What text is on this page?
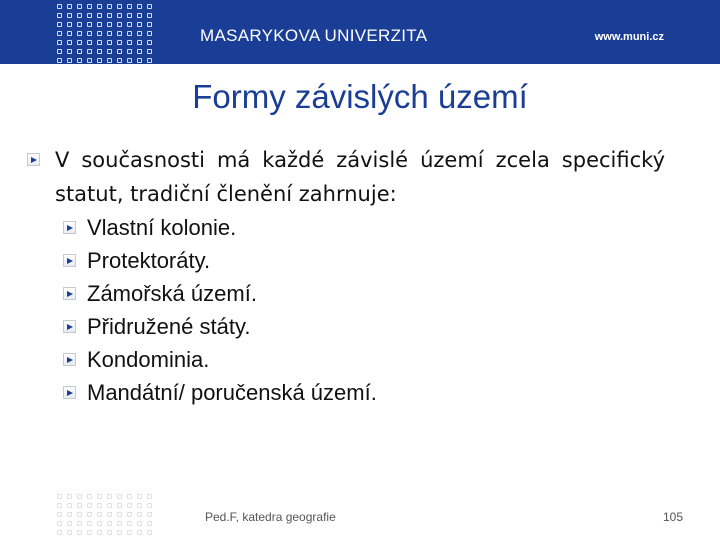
MASARYKOVA UNIVERZITA	www.muni.cz
Formy závislých území
V současnosti má každé závislé území zcela specifický statut, tradiční členění zahrnuje:
Vlastní kolonie.
Protektoráty.
Zámořská území.
Přidružené státy.
Kondominia.
Mandátní/ poručenská území.
Ped.F, katedra geografie	105
